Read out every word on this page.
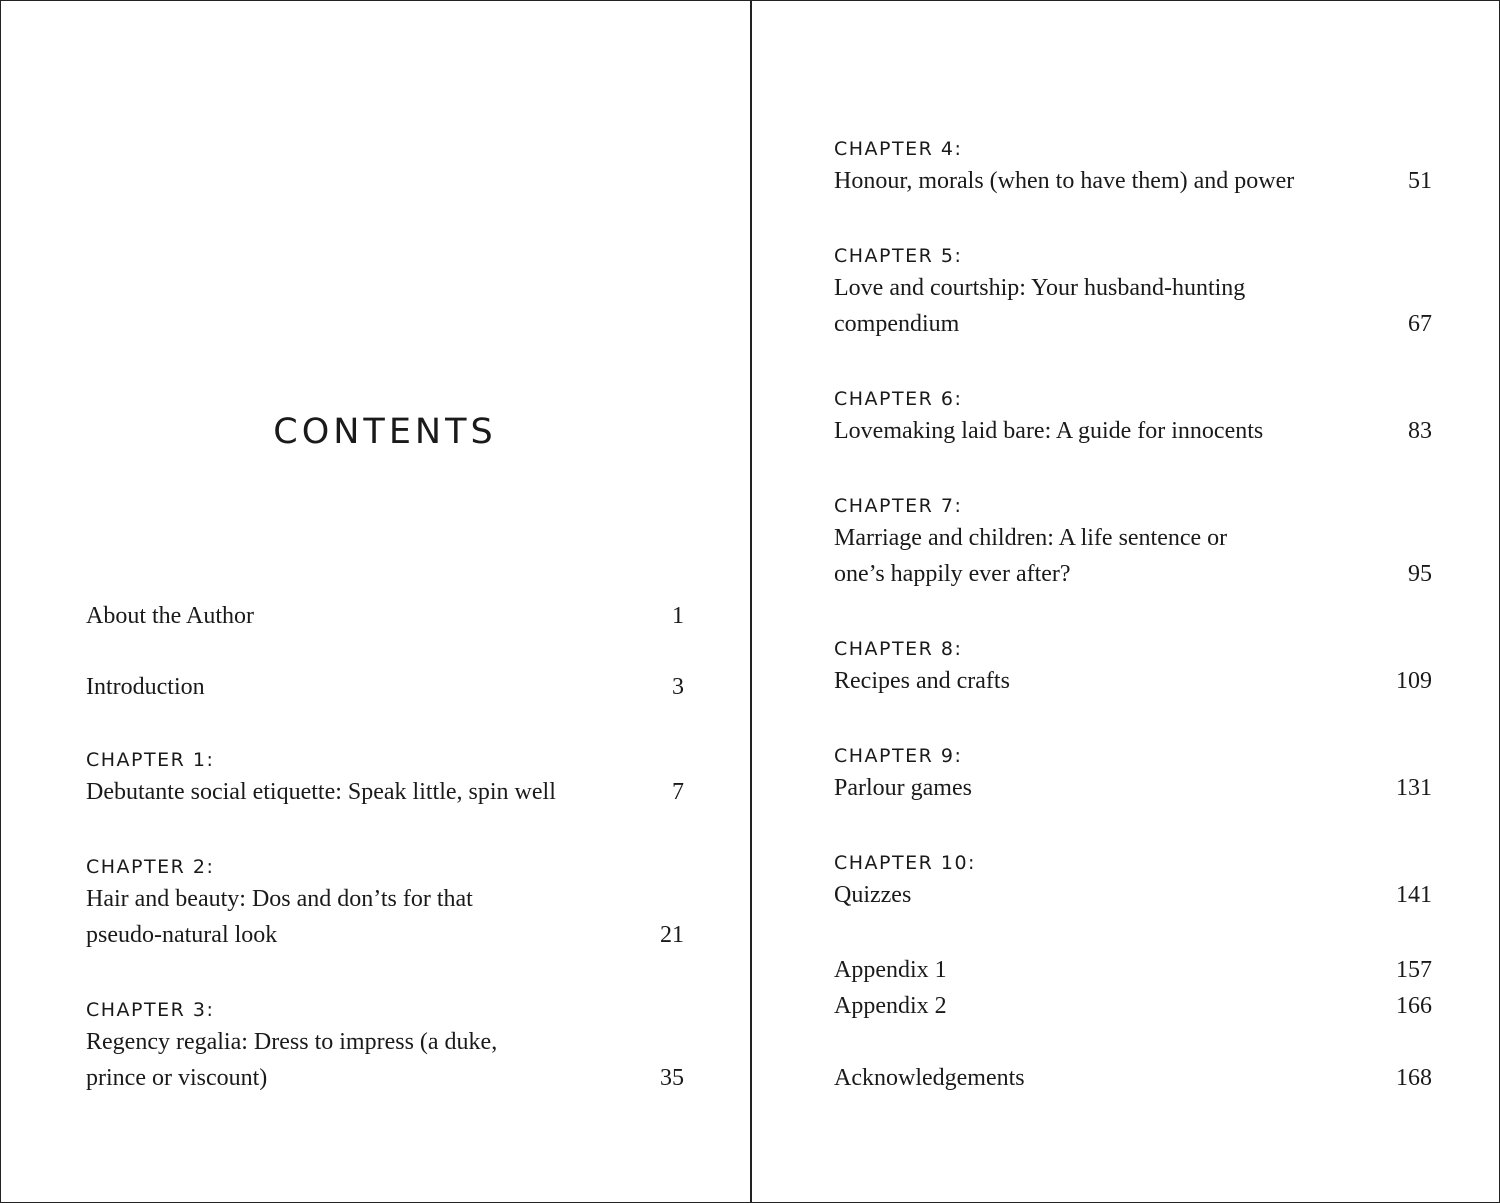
CONTENTS
About the Author	1
Introduction	3
CHAPTER 1:
Debutante social etiquette: Speak little, spin well	7
CHAPTER 2:
Hair and beauty: Dos and don’ts for that
pseudo-natural look	21
CHAPTER 3:
Regency regalia: Dress to impress (a duke,
prince or viscount)	35
CHAPTER 4:
Honour, morals (when to have them) and power	51
CHAPTER 5:
Love and courtship: Your husband-hunting
compendium	67
CHAPTER 6:
Lovemaking laid bare: A guide for innocents	83
CHAPTER 7:
Marriage and children: A life sentence or
one’s happily ever after?	95
CHAPTER 8:
Recipes and crafts	109
CHAPTER 9:
Parlour games	131
CHAPTER 10:
Quizzes	141
Appendix 1	157
Appendix 2	166
Acknowledgements	168
